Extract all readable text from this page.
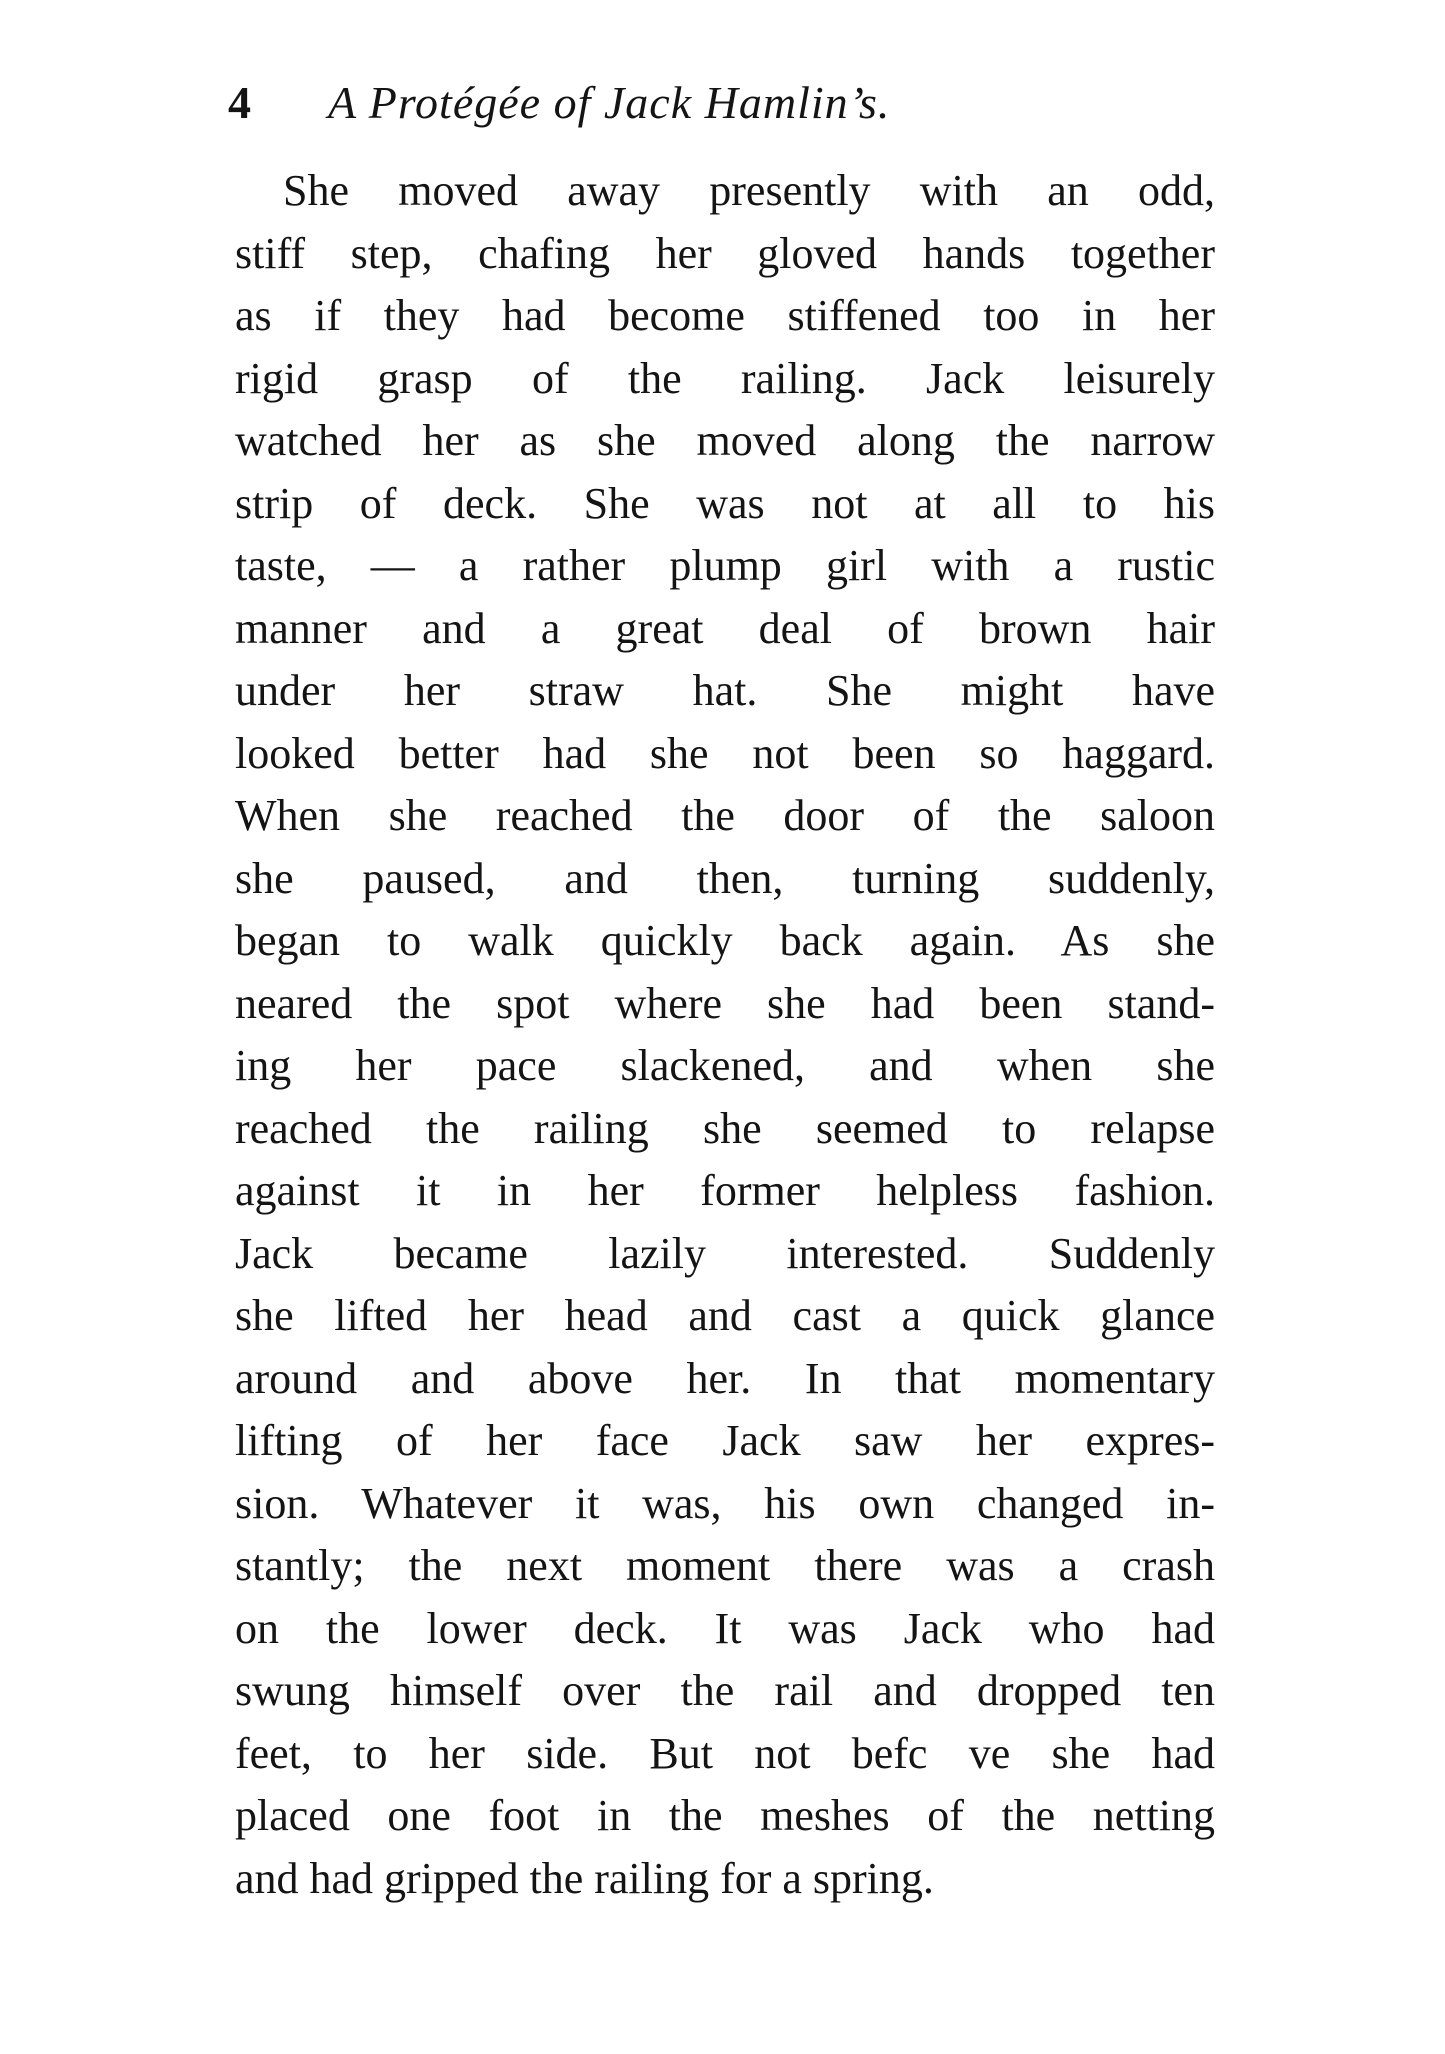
4 A Protégée of Jack Hamlin’s.
She moved away presently with an odd,
stiff step, chafing her gloved hands together
as if they had become stiffened too in her
rigid grasp of the railing. Jack leisurely
watched her as she moved along the narrow
strip of deck. She was not at all to his
taste, — a rather plump girl with a rustic
manner and a great deal of brown hair
under her straw hat. She might have
looked better had she not been so haggard.
When she reached the door of the saloon
she paused, and then, turning suddenly,
began to walk quickly back again. As she
neared the spot where she had been stand-
ing her pace slackened, and when she
reached the railing she seemed to relapse
against it in her former helpless fashion.
Jack became lazily interested. Suddenly
she lifted her head and cast a quick glance
around and above her. In that momentary
lifting of her face Jack saw her expres-
sion. Whatever it was, his own changed in-
stantly; the next moment there was a crash
on the lower deck. It was Jack who had
swung himself over the rail and dropped ten
feet, to her side. But not befc ve she had
placed one foot in the meshes of the netting
and had gripped the railing for a spring.
